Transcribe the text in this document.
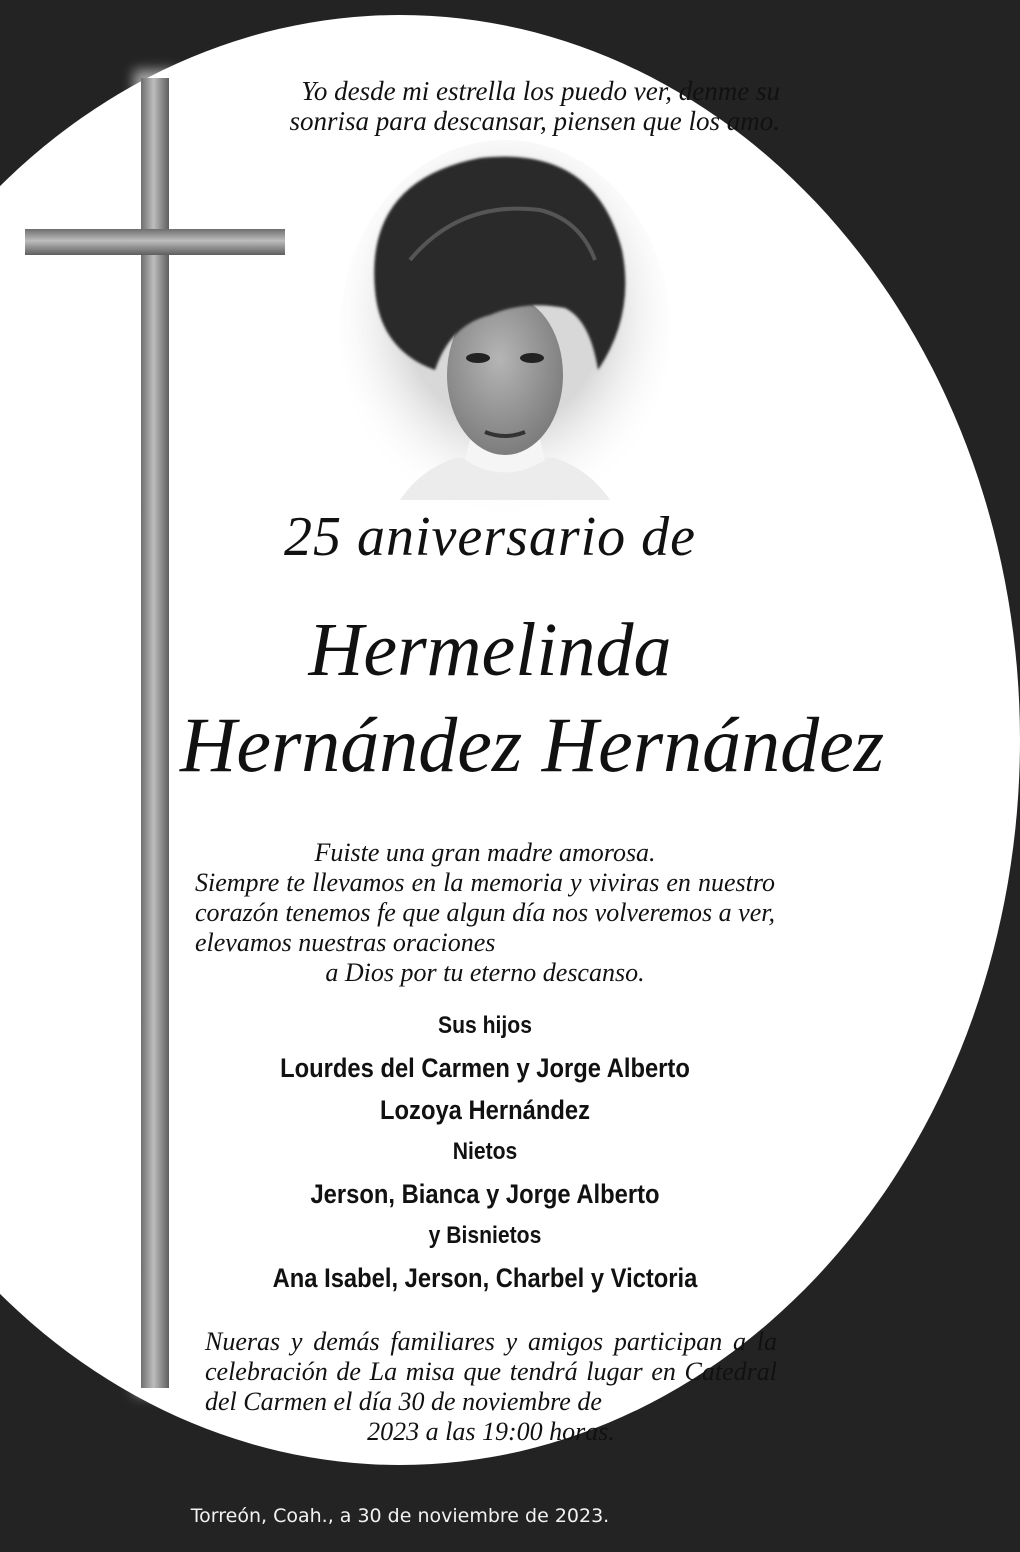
Yo desde mi estrella los puedo ver, denme su
sonrisa para descansar, piensen que los amo.
25 aniversario de
Hermelinda
Hernández Hernández
Fuiste una gran madre amorosa.
Siempre te llevamos en la memoria y viviras en nuestro corazón tenemos fe que algun día nos volveremos a ver, elevamos nuestras oraciones
a Dios por tu eterno descanso.
Sus hijos
Lourdes del Carmen y Jorge Alberto
Lozoya Hernández
Nietos
Jerson, Bianca y Jorge Alberto
y Bisnietos
Ana Isabel, Jerson, Charbel y Victoria
Nueras y demás familiares y amigos participan a la celebración de La misa que tendrá lugar en Catedral del Carmen el día 30 de noviembre de
2023 a las 19:00 horas.
Torreón, Coah., a 30 de noviembre de 2023.
